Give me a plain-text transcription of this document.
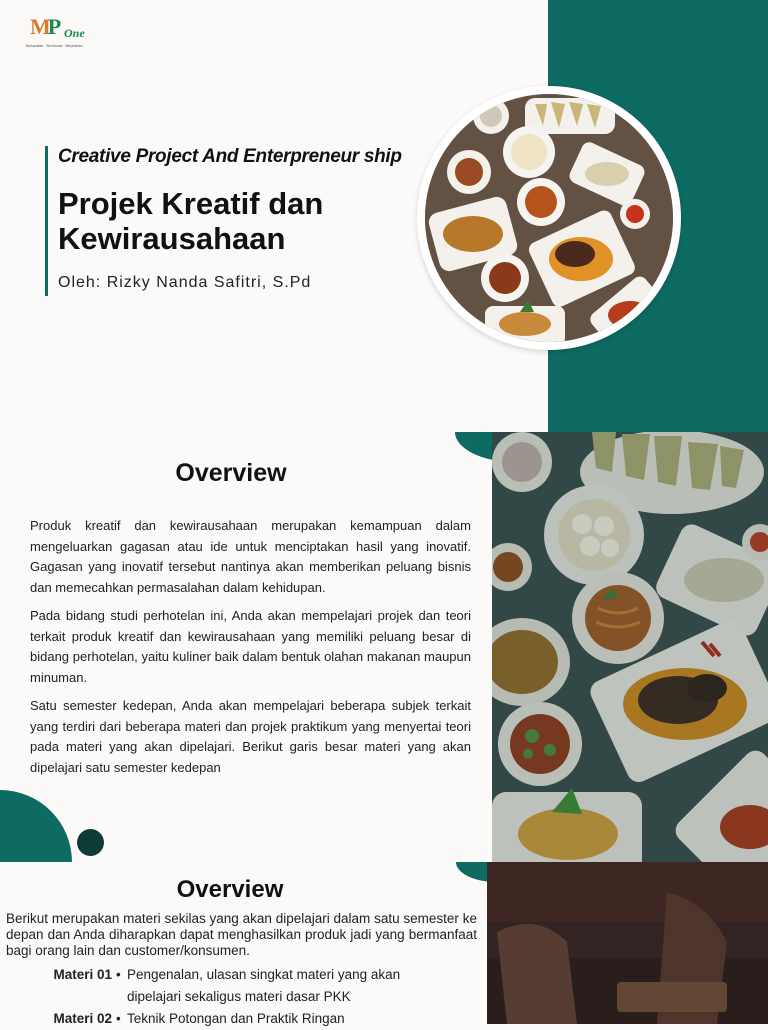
MP One
Berkarakter · Berinovasi · Berprestasi
Creative Project And Enterpreneur ship
Projek Kreatif dan
Kewirausahaan
Oleh: Rizky Nanda Safitri, S.Pd
Overview

Produk kreatif dan kewirausahaan merupakan kemampuan dalam mengeluarkan gagasan atau ide untuk menciptakan hasil yang inovatif. Gagasan yang inovatif tersebut nantinya akan memberikan peluang bisnis dan memecahkan permasalahan dalam kehidupan.

Pada bidang studi perhotelan ini, Anda akan mempelajari projek dan teori terkait produk kreatif dan kewirausahaan yang memiliki peluang besar di bidang perhotelan, yaitu kuliner baik dalam bentuk olahan makanan maupun minuman.

Satu semester kedepan, Anda akan mempelajari beberapa subjek terkait yang terdiri dari beberapa materi dan projek praktikum yang menyertai teori pada materi yang akan dipelajari. Berikut garis besar materi yang akan dipelajari satu semester kedepan

Overview
Berikut merupakan materi sekilas yang akan dipelajari dalam satu semester ke depan dan Anda diharapkan dapat menghasilkan produk jadi yang bermanfaat bagi orang lain dan customer/konsumen.
Materi 01 • Pengenalan, ulasan singkat materi yang akan dipelajari sekaligus materi dasar PKK
Materi 02 • Teknik Potongan dan Praktik Ringan
